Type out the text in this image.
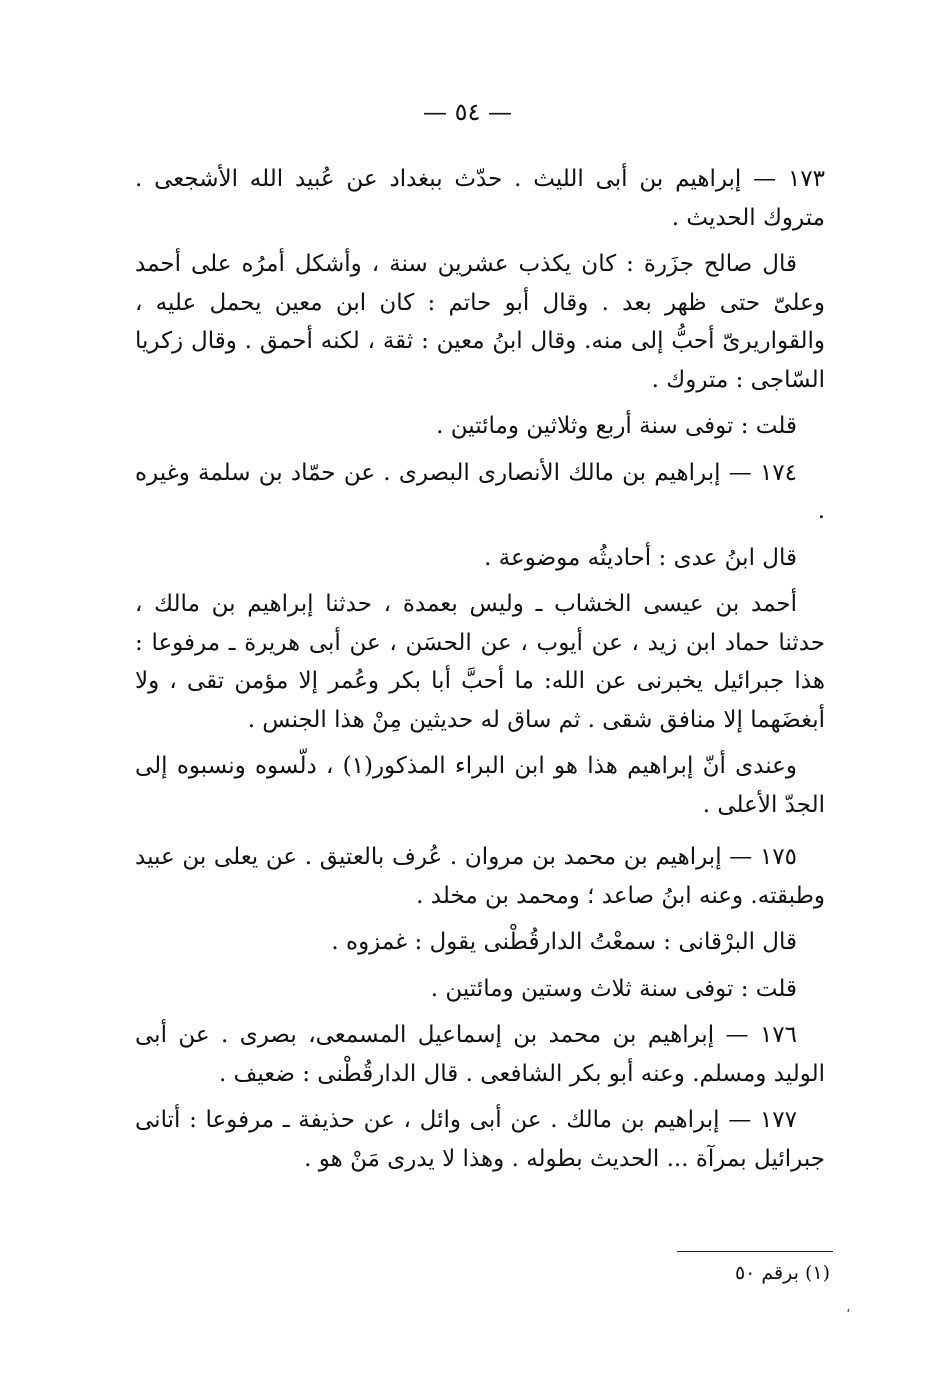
— ٥٤ —

١٧٣ — إبراهيم بن أبى الليث . حدّث ببغداد عن عُبيد الله الأشجعى . متروك الحديث .

قال صالح جزَرة : كان يكذب عشرين سنة ، وأشكل أمرُه على أحمد وعلىّ حتى ظهر بعد . وقال أبو حاتم : كان ابن معين يحمل عليه ، والقواريرىّ أحبُّ إلى منه. وقال ابنُ معين : ثقة ، لكنه أحمق . وقال زكريا السّاجى : متروك .

قلت : توفى سنة أربع وثلاثين ومائتين .

١٧٤ — إبراهيم بن مالك الأنصارى البصرى . عن حمّاد بن سلمة وغيره .

قال ابنُ عدى : أحاديثُه موضوعة .

أحمد بن عيسى الخشاب ـ وليس بعمدة ، حدثنا إبراهيم بن مالك ، حدثنا حماد ابن زيد ، عن أيوب ، عن الحسَن ، عن أبى هريرة ـ مرفوعا : هذا جبرائيل يخبرنى عن الله: ما أحبَّ أبا بكر وعُمر إلا مؤمن تقى ، ولا أبغضَهما إلا منافق شقى . ثم ساق له حديثين مِنْ هذا الجنس .

وعندى أنّ إبراهيم هذا هو ابن البراء المذكور(١) ، دلّسوه ونسبوه إلى الجدّ الأعلى .

١٧٥ — إبراهيم بن محمد بن مروان . عُرف بالعتيق . عن يعلى بن عبيد وطبقته. وعنه ابنُ صاعد ؛ ومحمد بن مخلد .

قال البرْقانى : سمعْتُ الدارقُطْنى يقول : غمزوه .

قلت : توفى سنة ثلاث وستين ومائتين .

١٧٦ — إبراهيم بن محمد بن إسماعيل المسمعى، بصرى . عن أبى الوليد ومسلم. وعنه أبو بكر الشافعى . قال الدارقُطْنى : ضعيف .

١٧٧ — إبراهيم بن مالك . عن أبى وائل ، عن حذيفة ـ مرفوعا : أتانى جبرائيل بمرآة ... الحديث بطوله . وهذا لا يدرى مَنْ هو .

(١) برقم ٥٠
،
